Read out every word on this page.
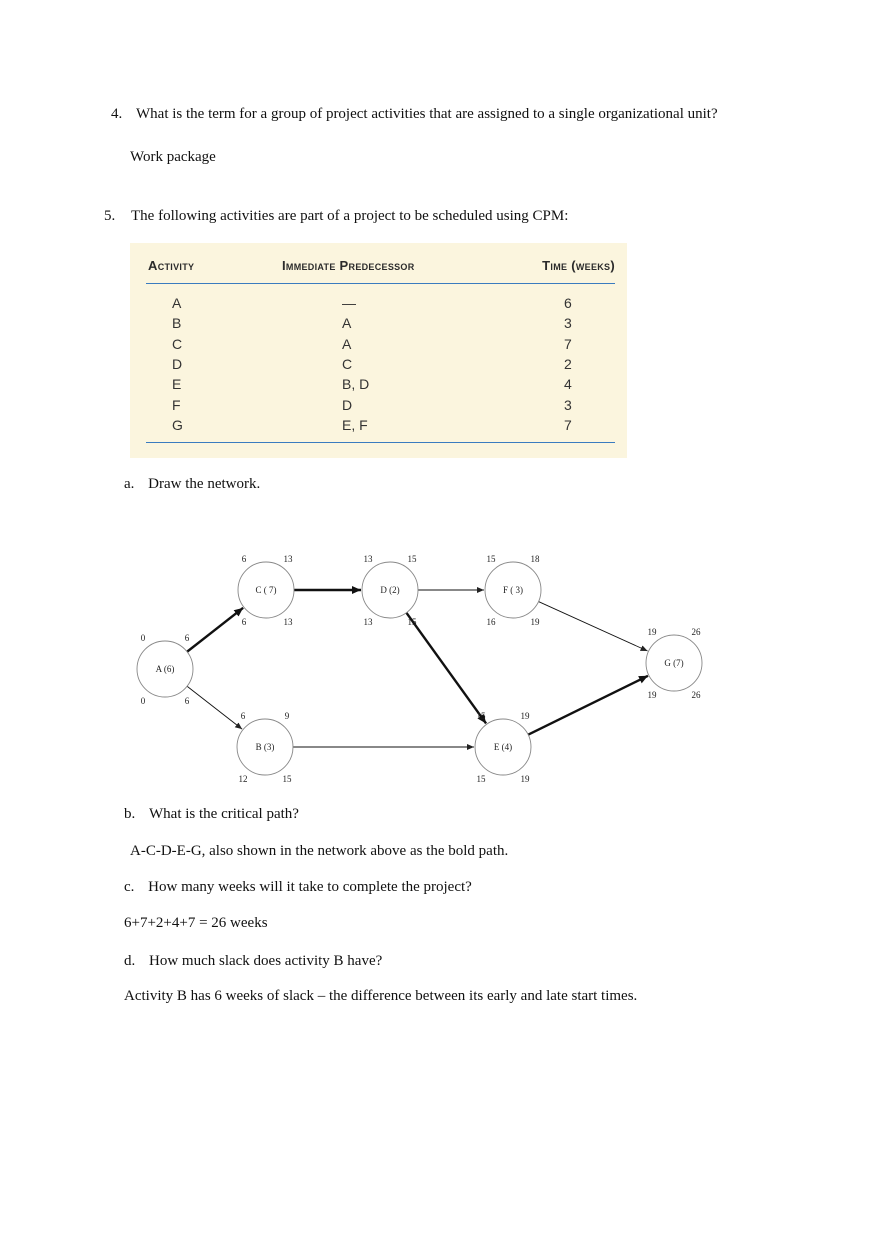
4. What is the term for a group of project activities that are assigned to a single organizational unit?
Work package
5. The following activities are part of a project to be scheduled using CPM:
Activity	Immediate Predecessor	Time (weeks)
A	—	6
B	A	3
C	A	7
D	C	2
E	B, D	4
F	D	3
G	E, F	7
a. Draw the network.
A (6)
0	6
0	6
B (3)
6	9
12	15
C ( 7)
6	13
6	13
D (2)
13	15
13	15
E (4)
15	19
15	19
F ( 3)
15	18
16	19
G (7)
19	26
19	26
b. What is the critical path?
A-C-D-E-G, also shown in the network above as the bold path.
c. How many weeks will it take to complete the project?
6+7+2+4+7 = 26 weeks
d. How much slack does activity B have?
Activity B has 6 weeks of slack – the difference between its early and late start times.
